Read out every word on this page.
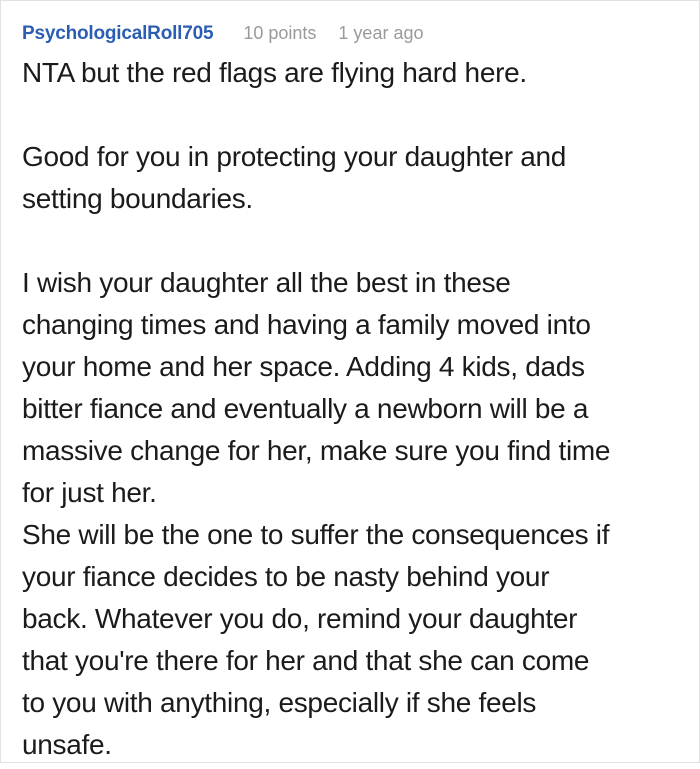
PsychologicalRoll705 10 points 1 year ago
NTA but the red flags are flying hard here.
Good for you in protecting your daughter and
setting boundaries.
I wish your daughter all the best in these
changing times and having a family moved into
your home and her space. Adding 4 kids, dads
bitter fiance and eventually a newborn will be a
massive change for her, make sure you find time
for just her.
She will be the one to suffer the consequences if
your fiance decides to be nasty behind your
back. Whatever you do, remind your daughter
that you're there for her and that she can come
to you with anything, especially if she feels
unsafe.
